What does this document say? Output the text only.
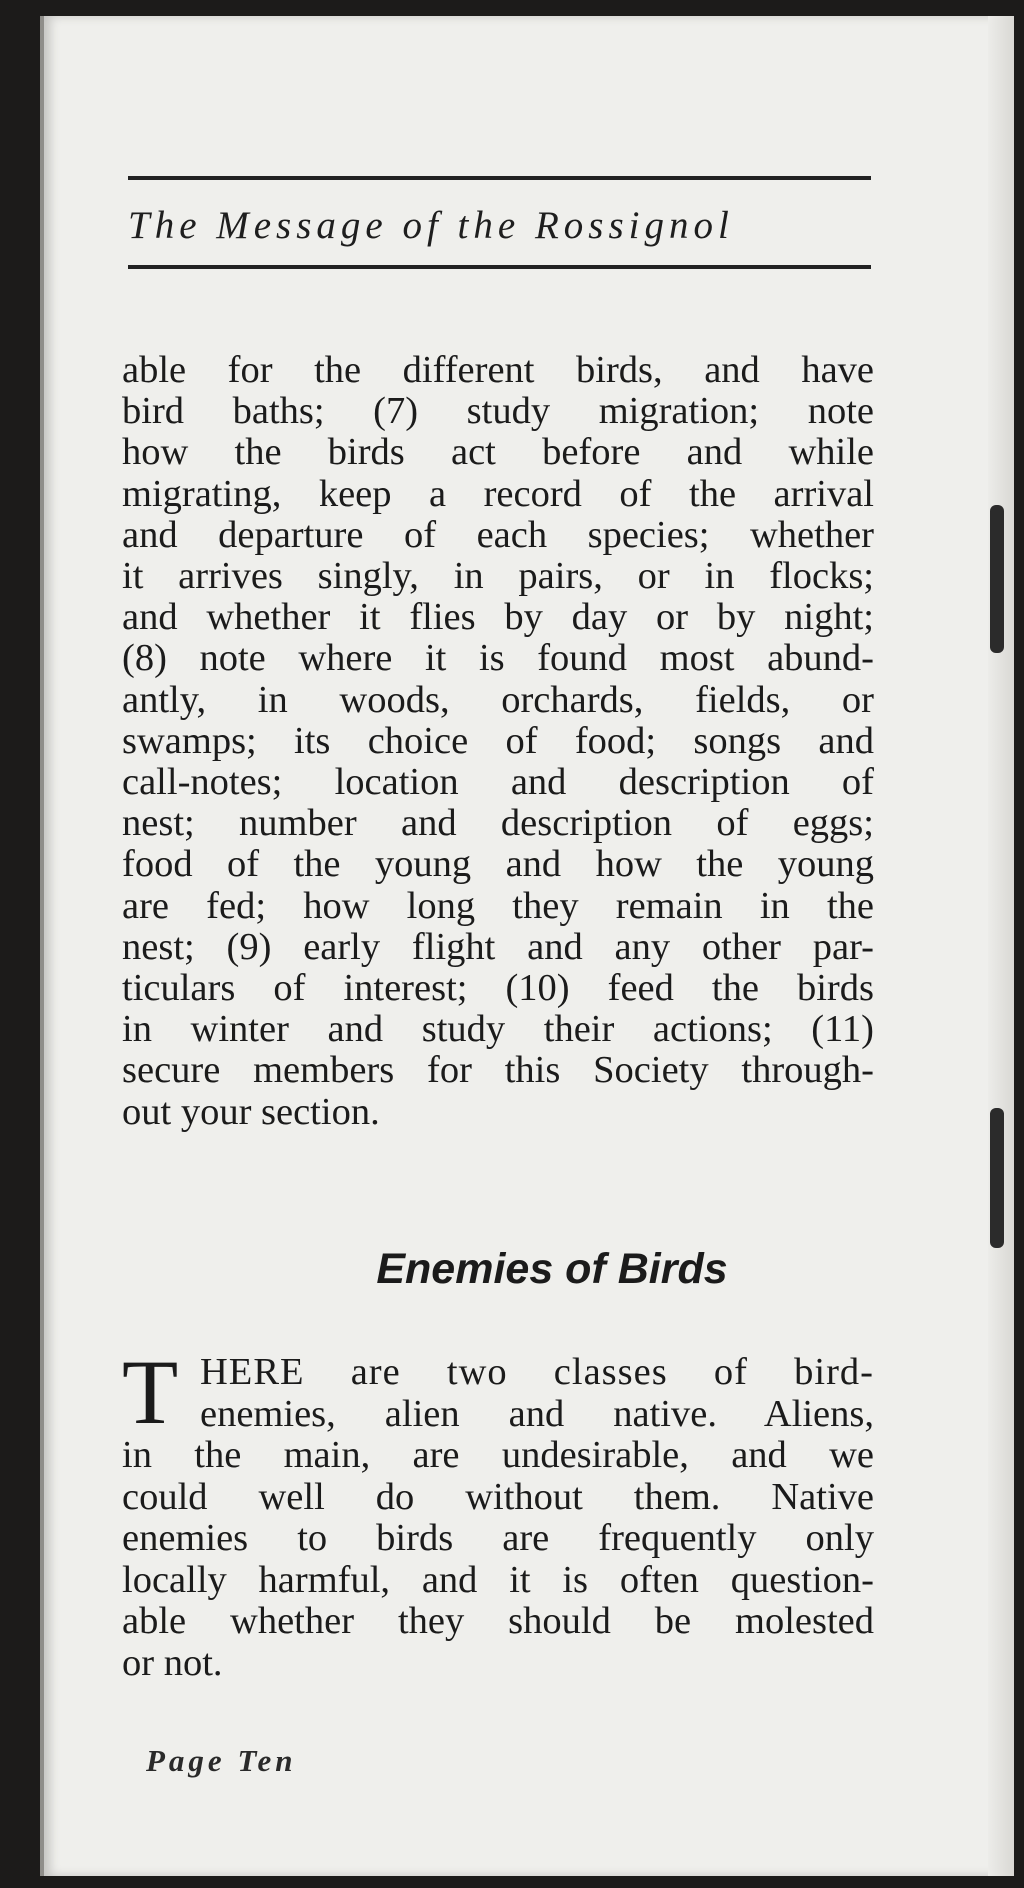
The Message of the Rossignol
able for the different birds, and have
bird baths; (7) study migration; note
how the birds act before and while
migrating, keep a record of the arrival
and departure of each species; whether
it arrives singly, in pairs, or in flocks;
and whether it flies by day or by night;
(8) note where it is found most abund-
antly, in woods, orchards, fields, or
swamps; its choice of food; songs and
call-notes; location and description of
nest; number and description of eggs;
food of the young and how the young
are fed; how long they remain in the
nest; (9) early flight and any other par-
ticulars of interest; (10) feed the birds
in winter and study their actions; (11)
secure members for this Society through-
out your section.
Enemies of Birds
T HERE are two classes of bird-
enemies, alien and native. Aliens,
in the main, are undesirable, and we
could well do without them. Native
enemies to birds are frequently only
locally harmful, and it is often question-
able whether they should be molested
or not.
Page Ten
